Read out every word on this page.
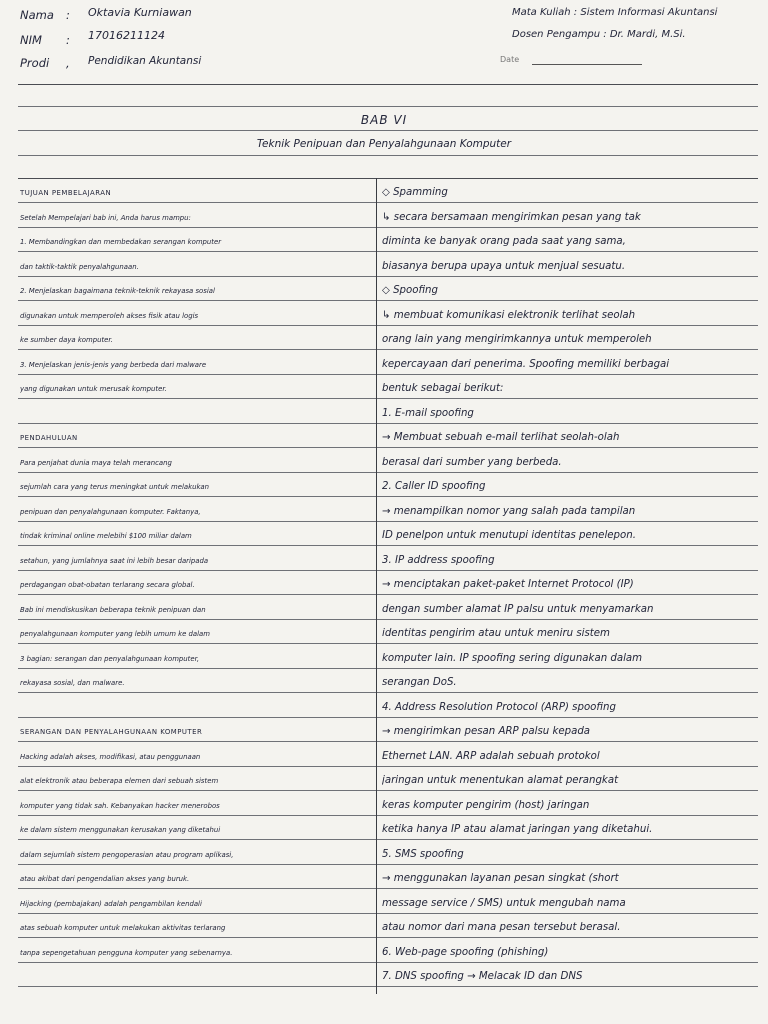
Nama : Oktavia Kurniawan
NIM : 17016211124
Prodi , Pendidikan Akuntansi
Mata Kuliah : Sistem Informasi Akuntansi
Dosen Pengampu : Dr. Mardi, M.Si.
Date
BAB VI
Teknik Penipuan dan Penyalahgunaan Komputer
TUJUAN PEMBELAJARAN
Setelah Mempelajari bab ini, Anda harus mampu:
1. Membandingkan dan membedakan serangan komputer
dan taktik-taktik penyalahgunaan.
2. Menjelaskan bagaimana teknik-teknik rekayasa sosial
digunakan untuk memperoleh akses fisik atau logis
ke sumber daya komputer.
3. Menjelaskan jenis-jenis yang berbeda dari malware
yang digunakan untuk merusak komputer.
PENDAHULUAN
Para penjahat dunia maya telah merancang
sejumlah cara yang terus meningkat untuk melakukan
penipuan dan penyalahgunaan komputer. Faktanya,
tindak kriminal online melebihi $100 miliar dalam
setahun, yang jumlahnya saat ini lebih besar daripada
perdagangan obat-obatan terlarang secara global.
Bab ini mendiskusikan beberapa teknik penipuan dan
penyalahgunaan komputer yang lebih umum ke dalam
3 bagian: serangan dan penyalahgunaan komputer,
rekayasa sosial, dan malware.
SERANGAN DAN PENYALAHGUNAAN KOMPUTER
Hacking adalah akses, modifikasi, atau penggunaan
alat elektronik atau beberapa elemen dari sebuah sistem
komputer yang tidak sah. Kebanyakan hacker menerobos
ke dalam sistem menggunakan kerusakan yang diketahui
dalam sejumlah sistem pengoperasian atau program aplikasi,
atau akibat dari pengendalian akses yang buruk.
Hijacking (pembajakan) adalah pengambilan kendali
atas sebuah komputer untuk melakukan aktivitas terlarang
tanpa sepengetahuan pengguna komputer yang sebenarnya.
◇ Spamming
↳ secara bersamaan mengirimkan pesan yang tak
diminta ke banyak orang pada saat yang sama,
biasanya berupa upaya untuk menjual sesuatu.
◇ Spoofing
↳ membuat komunikasi elektronik terlihat seolah
orang lain yang mengirimkannya untuk memperoleh
kepercayaan dari penerima. Spoofing memiliki berbagai
bentuk sebagai berikut:
1. E-mail spoofing
→ Membuat sebuah e-mail terlihat seolah-olah
berasal dari sumber yang berbeda.
2. Caller ID spoofing
→ menampilkan nomor yang salah pada tampilan
ID penelpon untuk menutupi identitas penelepon.
3. IP address spoofing
→ menciptakan paket-paket Internet Protocol (IP)
dengan sumber alamat IP palsu untuk menyamarkan
identitas pengirim atau untuk meniru sistem
komputer lain. IP spoofing sering digunakan dalam
serangan DoS.
4. Address Resolution Protocol (ARP) spoofing
→ mengirimkan pesan ARP palsu kepada
Ethernet LAN. ARP adalah sebuah protokol
jaringan untuk menentukan alamat perangkat
keras komputer pengirim (host) jaringan
ketika hanya IP atau alamat jaringan yang diketahui.
5. SMS spoofing
→ menggunakan layanan pesan singkat (short
message service / SMS) untuk mengubah nama
atau nomor dari mana pesan tersebut berasal.
6. Web-page spoofing (phishing)
7. DNS spoofing → Melacak ID dan DNS
